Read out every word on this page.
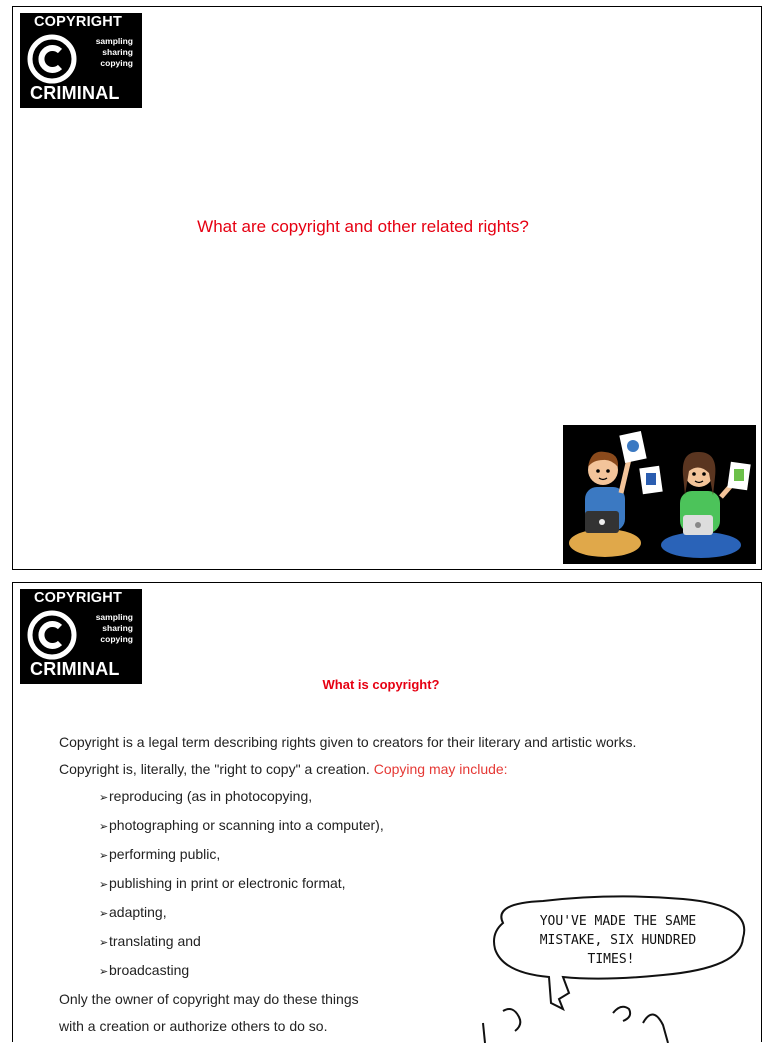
COPYRIGHT
sampling
sharing
copying
CRIMINAL
What are copyright and other related rights?
COPYRIGHT
sampling
sharing
copying
CRIMINAL
What is copyright?

Copyright is a legal term describing rights given to creators for their literary and artistic works.

Copyright is, literally, the "right to copy" a creation. Copying may include:

➢reproducing (as in photocopying,

➢photographing or scanning into a computer),

➢performing public,

➢publishing in print or electronic format,

➢adapting,

➢translating and

➢broadcasting

Only the owner of copyright may do these things

with a creation or authorize others to do so.

YOU'VE MADE THE SAME
MISTAKE, SIX HUNDRED
TIMES!
